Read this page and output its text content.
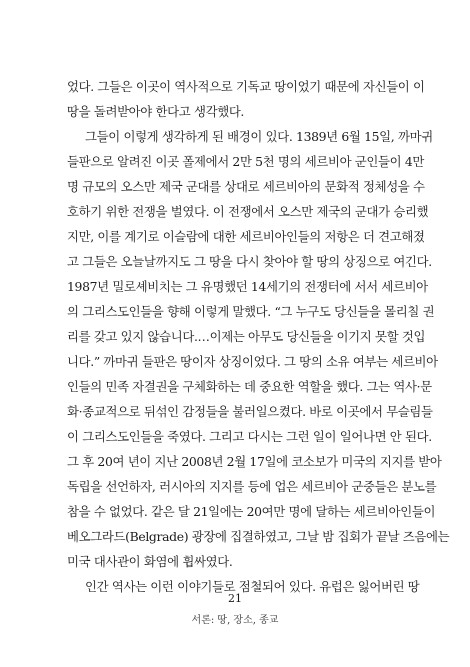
었다. 그들은 이곳이 역사적으로 기독교 땅이었기 때문에 자신들이 이
땅을 돌려받아야 한다고 생각했다.
그들이 이렇게 생각하게 된 배경이 있다. 1389년 6월 15일, 까마귀
들판으로 알려진 이곳 폴제에서 2만 5천 명의 세르비아 군인들이 4만
명 규모의 오스만 제국 군대를 상대로 세르비아의 문화적 정체성을 수
호하기 위한 전쟁을 벌였다. 이 전쟁에서 오스만 제국의 군대가 승리했
지만, 이를 계기로 이슬람에 대한 세르비아인들의 저항은 더 견고해졌
고 그들은 오늘날까지도 그 땅을 다시 찾아야 할 땅의 상징으로 여긴다.
1987년 밀로셰비치는 그 유명했던 14세기의 전쟁터에 서서 세르비아
의 그리스도인들을 향해 이렇게 말했다. “그 누구도 당신들을 몰리칠 권
리를 갖고 있지 않습니다.…이제는 아무도 당신들을 이기지 못할 것입
니다.” 까마귀 들판은 땅이자 상징이었다. 그 땅의 소유 여부는 세르비아
인들의 민족 자결권을 구체화하는 데 중요한 역할을 했다. 그는 역사·문
화·종교적으로 뒤섞인 감정들을 불러일으켰다. 바로 이곳에서 무슬림들
이 그리스도인들을 죽였다. 그리고 다시는 그런 일이 일어나면 안 된다.
그 후 20여 년이 지난 2008년 2월 17일에 코소보가 미국의 지지를 받아
독립을 선언하자, 러시아의 지지를 등에 업은 세르비아 군중들은 분노를
참을 수 없었다. 같은 달 21일에는 20여만 명에 달하는 세르비아인들이
베오그라드(Belgrade) 광장에 집결하였고, 그날 밤 집회가 끝날 즈음에는
미국 대사관이 화염에 휩싸였다.
인간 역사는 이런 이야기들로 점철되어 있다. 유럽은 잃어버린 땅
21
서론: 땅, 장소, 종교
